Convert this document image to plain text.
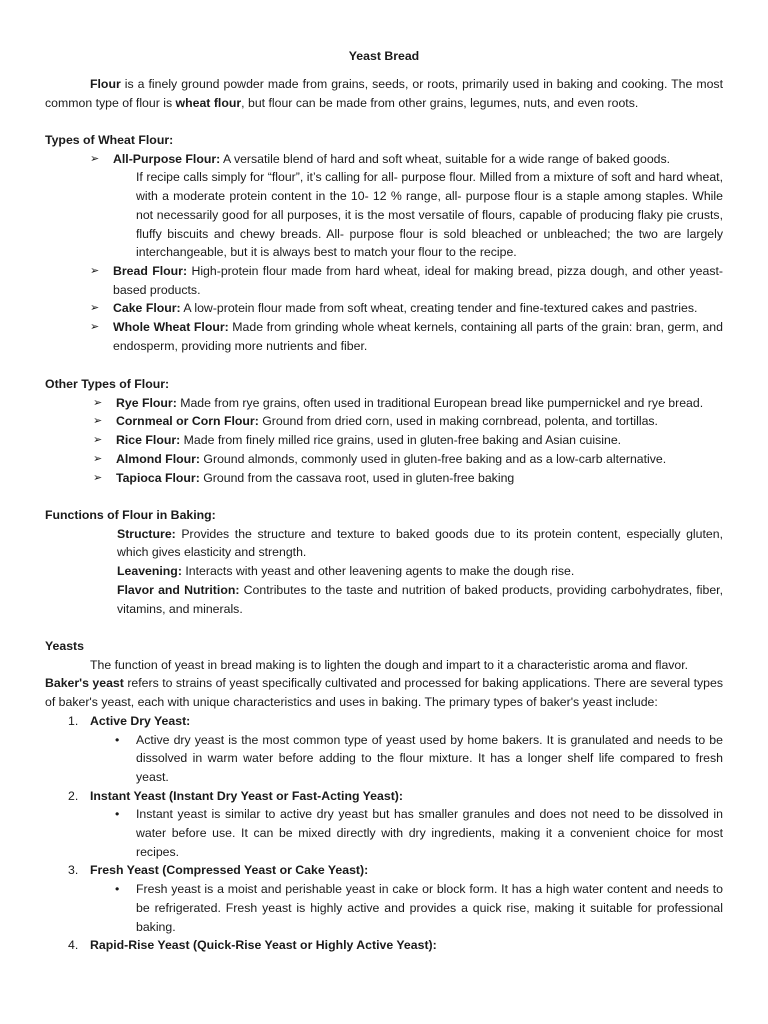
Yeast Bread

Flour is a finely ground powder made from grains, seeds, or roots, primarily used in baking and cooking. The most common type of flour is wheat flour, but flour can be made from other grains, legumes, nuts, and even roots.

Types of Wheat Flour:

➢ All-Purpose Flour: A versatile blend of hard and soft wheat, suitable for a wide range of baked goods.

If recipe calls simply for “flour”, it’s calling for all- purpose flour. Milled from a mixture of soft and hard wheat, with a moderate protein content in the 10- 12 % range, all- purpose flour is a staple among staples. While not necessarily good for all purposes, it is the most versatile of flours, capable of producing flaky pie crusts, fluffy biscuits and chewy breads. All- purpose flour is sold bleached or unbleached; the two are largely interchangeable, but it is always best to match your flour to the recipe.

➢ Bread Flour: High-protein flour made from hard wheat, ideal for making bread, pizza dough, and other yeast-based products.
➢ Cake Flour: A low-protein flour made from soft wheat, creating tender and fine-textured cakes and pastries.
➢ Whole Wheat Flour: Made from grinding whole wheat kernels, containing all parts of the grain: bran, germ, and endosperm, providing more nutrients and fiber.

Other Types of Flour:

➢ Rye Flour: Made from rye grains, often used in traditional European bread like pumpernickel and rye bread.
➢ Cornmeal or Corn Flour: Ground from dried corn, used in making cornbread, polenta, and tortillas.
➢ Rice Flour: Made from finely milled rice grains, used in gluten-free baking and Asian cuisine.
➢ Almond Flour: Ground almonds, commonly used in gluten-free baking and as a low-carb alternative.
➢ Tapioca Flour: Ground from the cassava root, used in gluten-free baking

Functions of Flour in Baking:

Structure: Provides the structure and texture to baked goods due to its protein content, especially gluten, which gives elasticity and strength.

Leavening: Interacts with yeast and other leavening agents to make the dough rise.

Flavor and Nutrition: Contributes to the taste and nutrition of baked products, providing carbohydrates, fiber, vitamins, and minerals.

Yeasts

The function of yeast in bread making is to lighten the dough and impart to it a characteristic aroma and flavor.

Baker's yeast refers to strains of yeast specifically cultivated and processed for baking applications. There are several types of baker's yeast, each with unique characteristics and uses in baking. The primary types of baker's yeast include:

1. Active Dry Yeast:

• Active dry yeast is the most common type of yeast used by home bakers. It is granulated and needs to be dissolved in warm water before adding to the flour mixture. It has a longer shelf life compared to fresh yeast.

2. Instant Yeast (Instant Dry Yeast or Fast-Acting Yeast):

• Instant yeast is similar to active dry yeast but has smaller granules and does not need to be dissolved in water before use. It can be mixed directly with dry ingredients, making it a convenient choice for most recipes.

3. Fresh Yeast (Compressed Yeast or Cake Yeast):

• Fresh yeast is a moist and perishable yeast in cake or block form. It has a high water content and needs to be refrigerated. Fresh yeast is highly active and provides a quick rise, making it suitable for professional baking.

4. Rapid-Rise Yeast (Quick-Rise Yeast or Highly Active Yeast):
